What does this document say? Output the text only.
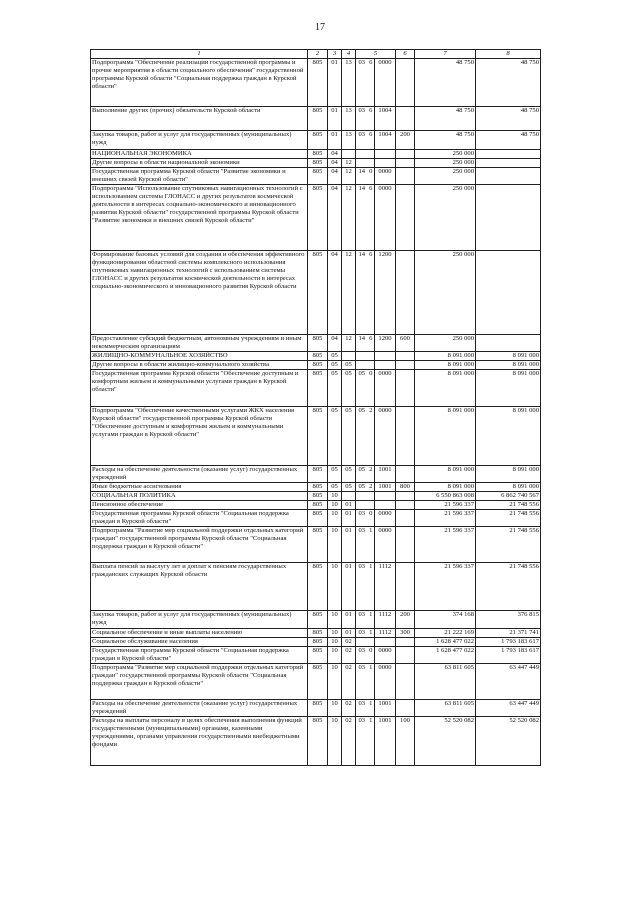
17
1	2	3	4	5			6	7	8
Подпрограмма "Обеспечение реализации государственной программы и прочие мероприятия в области социального обеспечения" государственной программы Курской области "Социальная поддержка граждан в Курской области"	805	01	13	03	6	0000		48 750	48 750
Выполнение других (прочих) обязательств Курской области	805	01	13	03	6	1004		48 750	48 750
Закупка товаров, работ и услуг для государственных (муниципальных) нужд	805	01	13	03	6	1004	200	48 750	48 750
НАЦИОНАЛЬНАЯ ЭКОНОМИКА	805	04						250 000	
Другие вопросы в области национальной экономики	805	04	12					250 000	
Государственная программа Курской области "Развитие экономики и внешних связей Курской области"	805	04	12	14	0	0000		250 000	
Подпрограмма "Использование спутниковых навигационных технологий с использованием системы ГЛОНАСС и других результатов космической деятельности в интересах социально-экономического и инновационного развития Курской области" государственной программы Курской области "Развитие экономики и внешних связей Курской области"	805	04	12	14	6	0000		250 000	
Формирование базовых условий для создания и обеспечения эффективного функционирования областной системы комплексного использования спутниковых навигационных технологий с использованием системы ГЛОНАСС и других результатов космической деятельности в интересах социально-экономического и инновационного развития Курской области	805	04	12	14	6	1200		250 000	
Предоставление субсидий бюджетным, автономным учреждениям и иным некоммерческим организациям	805	04	12	14	6	1200	600	250 000	
ЖИЛИЩНО-КОММУНАЛЬНОЕ ХОЗЯЙСТВО	805	05						8 091 000	8 091 000
Другие вопросы в области жилищно-коммунального хозяйства	805	05	05					8 091 000	8 091 000
Государственная программа Курской области "Обеспечение доступным и комфортным жильем и коммунальными услугами граждан в Курской области"	805	05	05	05	0	0000		8 091 000	8 091 000
Подпрограмма "Обеспечение качественными услугами ЖКХ населения Курской области" государственной программы Курской области "Обеспечение доступным и комфортным жильем и коммунальными услугами граждан в Курской области"	805	05	05	05	2	0000		8 091 000	8 091 000
Расходы на обеспечение деятельности (оказание услуг) государственных учреждений	805	05	05	05	2	1001		8 091 000	8 091 000
Иные бюджетные ассигнования	805	05	05	05	2	1001	800	8 091 000	8 091 000
СОЦИАЛЬНАЯ ПОЛИТИКА	805	10						6 550 863 008	6 862 740 567
Пенсионное обеспечение	805	10	01					21 596 337	21 748 556
Государственная программа Курской области "Социальная поддержка граждан в Курской области"	805	10	01	03	0	0000		21 596 337	21 748 556
Подпрограмма "Развитие мер социальной поддержки отдельных категорий граждан" государственной программы Курской области "Социальная поддержка граждан в Курской области"	805	10	01	03	1	0000		21 596 337	21 748 556
Выплата пенсий за выслугу лет и доплат к пенсиям государственных гражданских служащих Курской области	805	10	01	03	1	1112		21 596 337	21 748 556
Закупка товаров, работ и услуг для государственных (муниципальных) нужд	805	10	01	03	1	1112	200	374 168	376 815
Социальное обеспечение и иные выплаты населению	805	10	01	03	1	1112	300	21 222 169	21 371 741
Социальное обслуживание населения	805	10	02					1 628 477 022	1 793 183 617
Государственная программа Курской области "Социальная поддержка граждан в Курской области"	805	10	02	03	0	0000		1 628 477 022	1 793 183 617
Подпрограмма "Развитие мер социальной поддержки отдельных категорий граждан" государственной программы Курской области "Социальная поддержка граждан в Курской области"	805	10	02	03	1	0000		63 811 605	63 447 449
Расходы на обеспечение деятельности (оказание услуг) государственных учреждений	805	10	02	03	1	1001		63 811 605	63 447 449
Расходы на выплаты персоналу в целях обеспечения выполнения функций государственными (муниципальными) органами, казенными учреждениями, органами управления государственными внебюджетными фондами	805	10	02	03	1	1001	100	52 520 082	52 520 082
